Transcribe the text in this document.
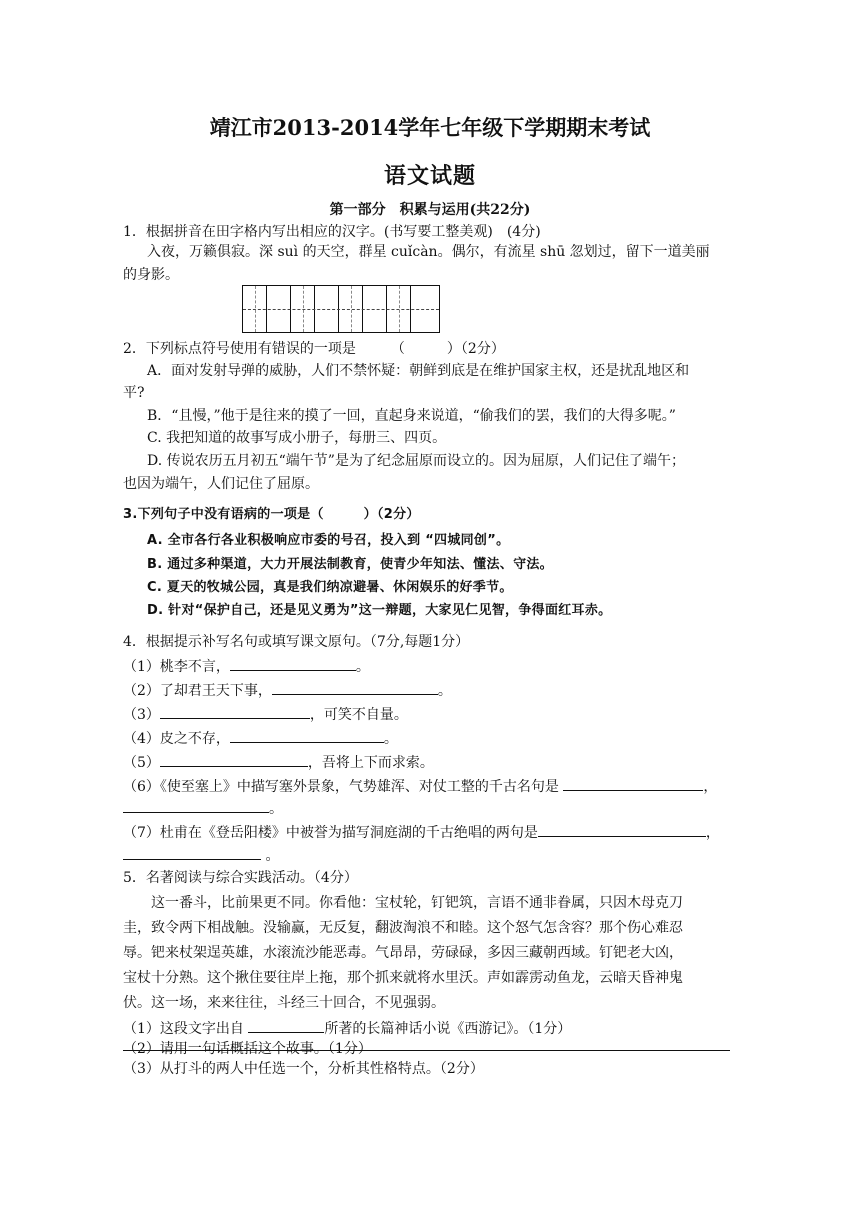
靖江市2013-2014学年七年级下学期期末考试
语文试题
第一部分　积累与运用(共22分)
1．根据拼音在田字格内写出相应的汉字。(书写要工整美观)　(4分)
入夜，万籁俱寂。深 suì 的天空，群星 cuǐcàn。偶尔，有流星 shū 忽划过，留下一道美丽
的身影。
2．下列标点符号使用有错误的一项是　　　（　　　）（2分）
A．面对发射导弹的威胁，人们不禁怀疑：朝鲜到底是在维护国家主权，还是扰乱地区和
平?
B．“且慢，”他于是往来的摸了一回，直起身来说道，“偷我们的罢，我们的大得多呢。”
C. 我把知道的故事写成小册子，每册三、四页。
D. 传说农历五月初五“端午节”是为了纪念屈原而设立的。因为屈原，人们记住了端午；
也因为端午，人们记住了屈原。
3.下列句子中没有语病的一项是（　　　）（2分）
A. 全市各行各业积极响应市委的号召，投入到 “四城同创”。
B. 通过多种渠道，大力开展法制教育，使青少年知法、懂法、守法。
C. 夏天的牧城公园，真是我们纳凉避暑、休闲娱乐的好季节。
D. 针对“保护自己，还是见义勇为”这一辩题，大家见仁见智，争得面红耳赤。
4．根据提示补写名句或填写课文原句。（7分,每题1分）
（1）桃李不言，	。
（2）了却君王天下事，	。
（3）	，可笑不自量。
（4）皮之不存，	。
（5）	，吾将上下而求索。
（6）《使至塞上》中描写塞外景象，气势雄浑、对仗工整的千古名句是	，
。
（7）杜甫在《登岳阳楼》中被誉为描写洞庭湖的千古绝唱的两句是	，
。
5．名著阅读与综合实践活动。（4分）
这一番斗，比前果更不同。你看他：宝杖轮，钉钯筑，言语不通非眷属，只因木母克刀
圭，致令两下相战触。没输赢，无反复，翻波淘浪不和睦。这个怒气怎含容？那个伤心难忍
辱。钯来杖架逞英雄，水滚流沙能恶毒。气昂昂，劳碌碌，多因三藏朝西域。钉钯老大凶，
宝杖十分熟。这个揪住要往岸上拖，那个抓来就将水里沃。声如霹雳动鱼龙，云暗天昏神鬼
伏。这一场，来来往往，斗经三十回合，不见强弱。
（1）这段文字出自	所著的长篇神话小说《西游记》。（1分）
（2）请用一句话概括这个故事。（1分）
（3）从打斗的两人中任选一个，分析其性格特点。（2分）
